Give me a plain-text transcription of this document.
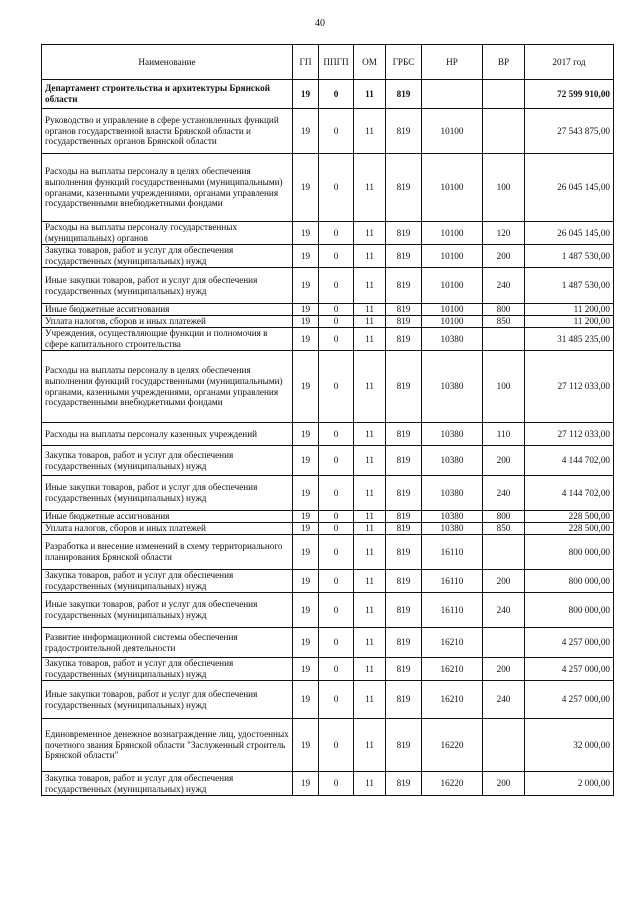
40
Наименование	ГП	ППГП	ОМ	ГРБС	НР	ВР	2017 год
Департамент строительства и архитектуры Брянской области	19	0	11	819			72 599 910,00
Руководство и управление в сфере установленных функций органов государственной власти Брянской области и государственных органов Брянской области	19	0	11	819	10100		27 543 875,00
Расходы на выплаты персоналу в целях обеспечения выполнения функций государственными (муниципальными) органами, казенными учреждениями, органами управления государственными внебюджетными фондами	19	0	11	819	10100	100	26 045 145,00
Расходы на выплаты персоналу государственных (муниципальных) органов	19	0	11	819	10100	120	26 045 145,00
Закупка товаров, работ и услуг для обеспечения государственных (муниципальных) нужд	19	0	11	819	10100	200	1 487 530,00
Иные закупки товаров, работ и услуг для обеспечения государственных (муниципальных) нужд	19	0	11	819	10100	240	1 487 530,00
Иные бюджетные ассигнования	19	0	11	819	10100	800	11 200,00
Уплата налогов, сборов и иных платежей	19	0	11	819	10100	850	11 200,00
Учреждения, осуществляющие функции и полномочия в сфере капитального строительства	19	0	11	819	10380		31 485 235,00
Расходы на выплаты персоналу в целях обеспечения выполнения функций государственными (муниципальными) органами, казенными учреждениями, органами управления государственными внебюджетными фондами	19	0	11	819	10380	100	27 112 033,00
Расходы на выплаты персоналу казенных учреждений	19	0	11	819	10380	110	27 112 033,00
Закупка товаров, работ и услуг для обеспечения государственных (муниципальных) нужд	19	0	11	819	10380	200	4 144 702,00
Иные закупки товаров, работ и услуг для обеспечения государственных (муниципальных) нужд	19	0	11	819	10380	240	4 144 702,00
Иные бюджетные ассигнования	19	0	11	819	10380	800	228 500,00
Уплата налогов, сборов и иных платежей	19	0	11	819	10380	850	228 500,00
Разработка и внесение изменений в схему территориального планирования Брянской области	19	0	11	819	16110		800 000,00
Закупка товаров, работ и услуг для обеспечения государственных (муниципальных) нужд	19	0	11	819	16110	200	800 000,00
Иные закупки товаров, работ и услуг для обеспечения государственных (муниципальных) нужд	19	0	11	819	16110	240	800 000,00
Развитие информационной системы обеспечения градостроительной деятельности	19	0	11	819	16210		4 257 000,00
Закупка товаров, работ и услуг для обеспечения государственных (муниципальных) нужд	19	0	11	819	16210	200	4 257 000,00
Иные закупки товаров, работ и услуг для обеспечения государственных (муниципальных) нужд	19	0	11	819	16210	240	4 257 000,00
Единовременное денежное вознаграждение лиц, удостоенных почетного звания Брянской области "Заслуженный строитель Брянской области"	19	0	11	819	16220		32 000,00
Закупка товаров, работ и услуг для обеспечения государственных (муниципальных) нужд	19	0	11	819	16220	200	2 000,00
